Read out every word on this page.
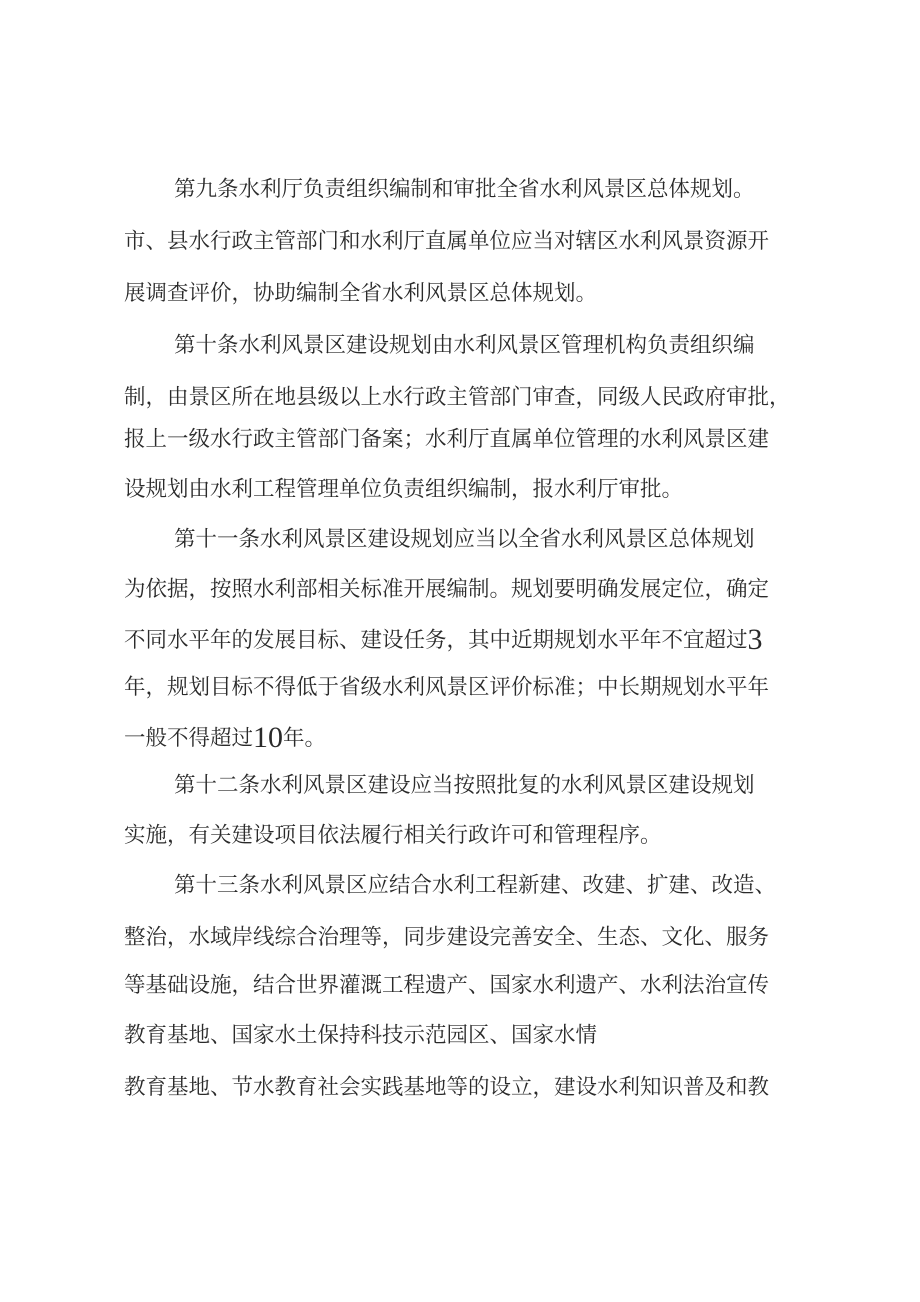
第九条水利厅负责组织编制和审批全省水利风景区总体规划。

市、县水行政主管部门和水利厅直属单位应当对辖区水利风景资源开

展调查评价，协助编制全省水利风景区总体规划。

第十条水利风景区建设规划由水利风景区管理机构负责组织编

制，由景区所在地县级以上水行政主管部门审查，同级人民政府审批，

报上一级水行政主管部门备案；水利厅直属单位管理的水利风景区建

设规划由水利工程管理单位负责组织编制，报水利厅审批。

第十一条水利风景区建设规划应当以全省水利风景区总体规划

为依据，按照水利部相关标准开展编制。规划要明确发展定位，确定

不同水平年的发展目标、建设任务，其中近期规划水平年不宜超过3

年，规划目标不得低于省级水利风景区评价标准；中长期规划水平年

一般不得超过10年。

第十二条水利风景区建设应当按照批复的水利风景区建设规划

实施，有关建设项目依法履行相关行政许可和管理程序。

第十三条水利风景区应结合水利工程新建、改建、扩建、改造、

整治，水域岸线综合治理等，同步建设完善安全、生态、文化、服务

等基础设施，结合世界灌溉工程遗产、国家水利遗产、水利法治宣传

教育基地、国家水土保持科技示范园区、国家水情

教育基地、节水教育社会实践基地等的设立，建设水利知识普及和教
